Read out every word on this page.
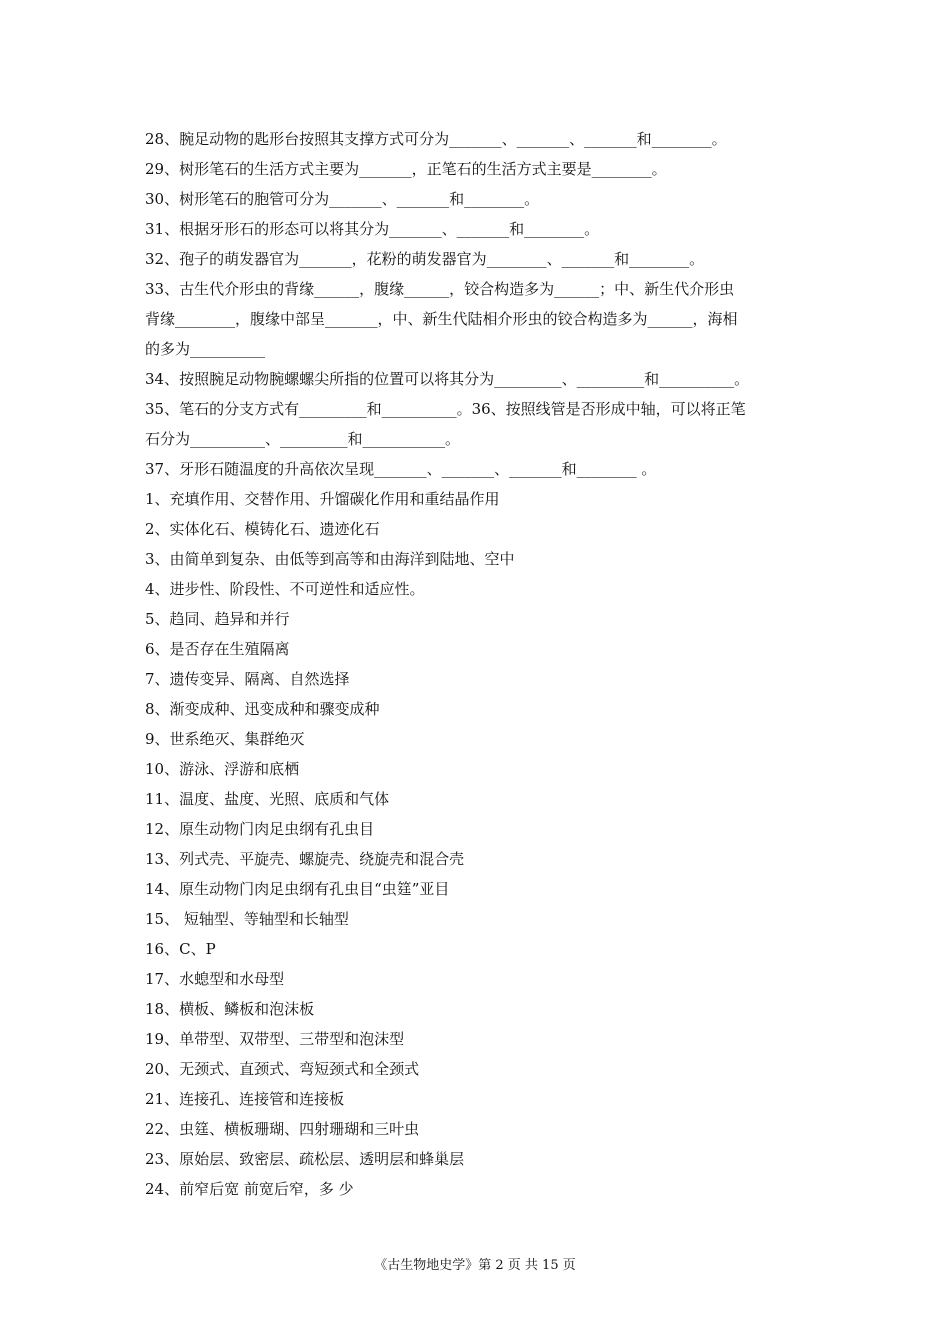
28、腕足动物的匙形台按照其支撑方式可分为_______、_______、_______和________。
29、树形笔石的生活方式主要为_______，正笔石的生活方式主要是________。
30、树形笔石的胞管可分为_______、_______和________。
31、根据牙形石的形态可以将其分为_______、_______和________。
32、孢子的萌发器官为_______，花粉的萌发器官为________、_______和________。
33、古生代介形虫的背缘______，腹缘______，铰合构造多为______；中、新生代介形虫
背缘________，腹缘中部呈_______，中、新生代陆相介形虫的铰合构造多为______，海相
的多为__________
34、按照腕足动物腕螺螺尖所指的位置可以将其分为_________、_________和__________。
35、笔石的分支方式有_________和__________。36、按照线管是否形成中轴，可以将正笔
石分为__________、_________和___________。
37、牙形石随温度的升高依次呈现_______、_______、_______和________ 。
1、充填作用、交替作用、升馏碳化作用和重结晶作用
2、实体化石、模铸化石、遗迹化石
3、由简单到复杂、由低等到高等和由海洋到陆地、空中
4、进步性、阶段性、不可逆性和适应性。
5、趋同、趋异和并行
6、是否存在生殖隔离
7、遗传变异、隔离、自然选择
8、渐变成种、迅变成种和骤变成种
9、世系绝灭、集群绝灭
10、游泳、浮游和底栖
11、温度、盐度、光照、底质和气体
12、原生动物门肉足虫纲有孔虫目
13、列式壳、平旋壳、螺旋壳、绕旋壳和混合壳
14、原生动物门肉足虫纲有孔虫目“虫筳”亚目
15、 短轴型、等轴型和长轴型
16、C、P
17、水螅型和水母型
18、横板、鳞板和泡沫板
19、单带型、双带型、三带型和泡沫型
20、无颈式、直颈式、弯短颈式和全颈式
21、连接孔、连接管和连接板
22、虫筳、横板珊瑚、四射珊瑚和三叶虫
23、原始层、致密层、疏松层、透明层和蜂巢层
24、前窄后宽 前宽后窄，多 少
《古生物地史学》第 2 页 共 15 页
